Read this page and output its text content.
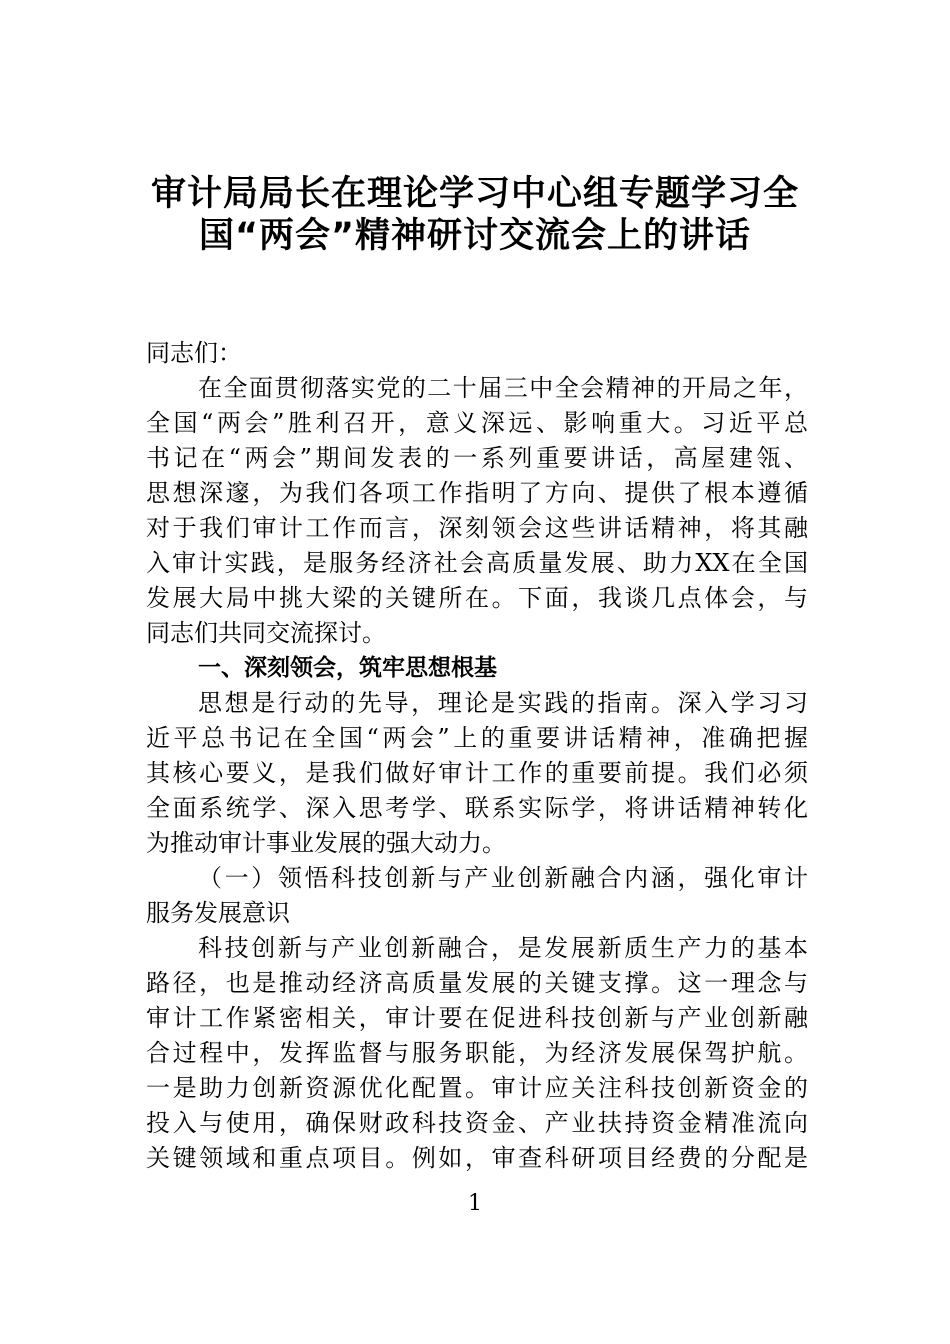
审计局局长在理论学习中心组专题学习全
国“两会”精神研讨交流会上的讲话
同志们：
在全面贯彻落实党的二十届三中全会精神的开局之年，
全国“两会”胜利召开，意义深远、影响重大。习近平总
书记在“两会”期间发表的一系列重要讲话，高屋建瓴、
思想深邃，为我们各项工作指明了方向、提供了根本遵循
对于我们审计工作而言，深刻领会这些讲话精神，将其融
入审计实践，是服务经济社会高质量发展、助力XX在全国
发展大局中挑大梁的关键所在。下面，我谈几点体会，与
同志们共同交流探讨。
一、深刻领会，筑牢思想根基
思想是行动的先导，理论是实践的指南。深入学习习
近平总书记在全国“两会”上的重要讲话精神，准确把握
其核心要义，是我们做好审计工作的重要前提。我们必须
全面系统学、深入思考学、联系实际学，将讲话精神转化
为推动审计事业发展的强大动力。
（一）领悟科技创新与产业创新融合内涵，强化审计
服务发展意识
科技创新与产业创新融合，是发展新质生产力的基本
路径，也是推动经济高质量发展的关键支撑。这一理念与
审计工作紧密相关，审计要在促进科技创新与产业创新融
合过程中，发挥监督与服务职能，为经济发展保驾护航。
一是助力创新资源优化配置。审计应关注科技创新资金的
投入与使用，确保财政科技资金、产业扶持资金精准流向
关键领域和重点项目。例如，审查科研项目经费的分配是
1
